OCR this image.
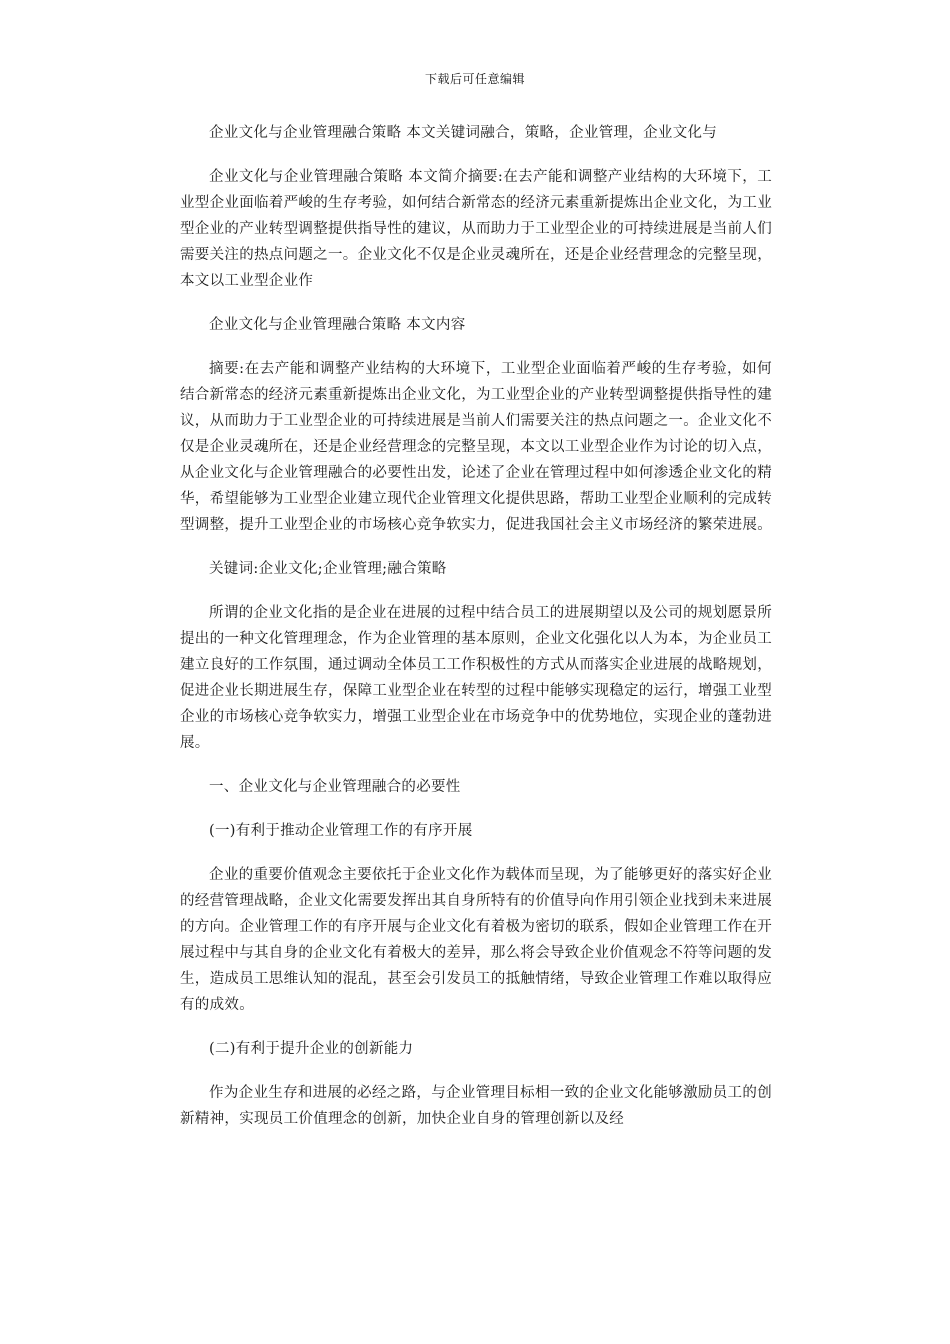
下载后可任意编辑

企业文化与企业管理融合策略 本文关键词融合，策略，企业管理，企业文化与

企业文化与企业管理融合策略 本文简介摘要:在去产能和调整产业结构的大环境下，工业型企业面临着严峻的生存考验，如何结合新常态的经济元素重新提炼出企业文化，为工业型企业的产业转型调整提供指导性的建议，从而助力于工业型企业的可持续进展是当前人们需要关注的热点问题之一。企业文化不仅是企业灵魂所在，还是企业经营理念的完整呈现，本文以工业型企业作

企业文化与企业管理融合策略 本文内容

摘要:在去产能和调整产业结构的大环境下，工业型企业面临着严峻的生存考验，如何结合新常态的经济元素重新提炼出企业文化，为工业型企业的产业转型调整提供指导性的建议，从而助力于工业型企业的可持续进展是当前人们需要关注的热点问题之一。企业文化不仅是企业灵魂所在，还是企业经营理念的完整呈现，本文以工业型企业作为讨论的切入点，从企业文化与企业管理融合的必要性出发，论述了企业在管理过程中如何渗透企业文化的精华，希望能够为工业型企业建立现代企业管理文化提供思路，帮助工业型企业顺利的完成转型调整，提升工业型企业的市场核心竞争软实力，促进我国社会主义市场经济的繁荣进展。

关键词:企业文化;企业管理;融合策略

所谓的企业文化指的是企业在进展的过程中结合员工的进展期望以及公司的规划愿景所提出的一种文化管理理念，作为企业管理的基本原则，企业文化强化以人为本，为企业员工建立良好的工作氛围，通过调动全体员工工作积极性的方式从而落实企业进展的战略规划，促进企业长期进展生存，保障工业型企业在转型的过程中能够实现稳定的运行，增强工业型企业的市场核心竞争软实力，增强工业型企业在市场竞争中的优势地位，实现企业的蓬勃进展。

一、企业文化与企业管理融合的必要性

(一)有利于推动企业管理工作的有序开展

企业的重要价值观念主要依托于企业文化作为载体而呈现，为了能够更好的落实好企业的经营管理战略，企业文化需要发挥出其自身所特有的价值导向作用引领企业找到未来进展的方向。企业管理工作的有序开展与企业文化有着极为密切的联系，假如企业管理工作在开展过程中与其自身的企业文化有着极大的差异，那么将会导致企业价值观念不符等问题的发生，造成员工思维认知的混乱，甚至会引发员工的抵触情绪，导致企业管理工作难以取得应有的成效。

(二)有利于提升企业的创新能力

作为企业生存和进展的必经之路，与企业管理目标相一致的企业文化能够激励员工的创新精神，实现员工价值理念的创新，加快企业自身的管理创新以及经
